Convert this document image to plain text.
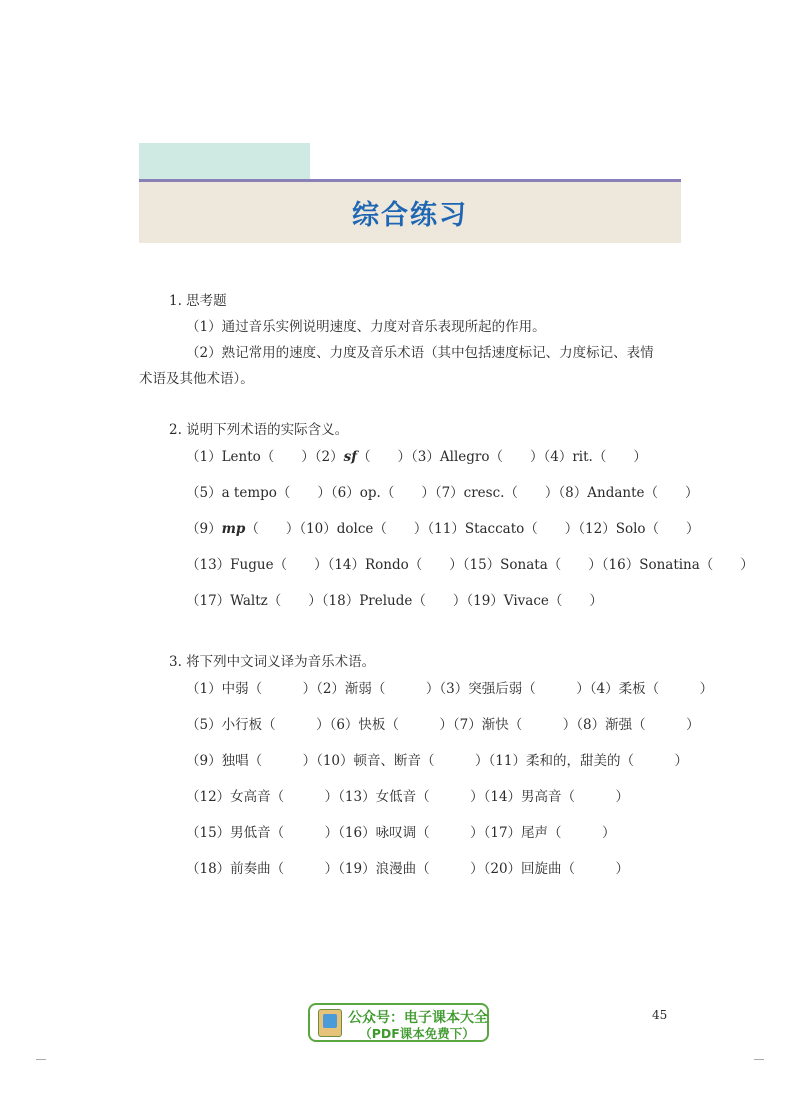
综合练习
1. 思考题
（1）通过音乐实例说明速度、力度对音乐表现所起的作用。
（2）熟记常用的速度、力度及音乐术语（其中包括速度标记、力度标记、表情
术语及其他术语）。
2. 说明下列术语的实际含义。
（1）Lento（　　）（2）sf（　　）（3）Allegro（　　）（4）rit.（　　）
（5）a tempo（　　）（6）op.（　　）（7）cresc.（　　）（8）Andante（　　）
（9）mp（　　）（10）dolce（　　）（11）Staccato（　　）（12）Solo（　　）
（13）Fugue（　　）（14）Rondo（　　）（15）Sonata（　　）（16）Sonatina（　　）
（17）Waltz（　　）（18）Prelude（　　）（19）Vivace（　　）
3. 将下列中文词义译为音乐术语。
（1）中弱（　　　）（2）渐弱（　　　）（3）突强后弱（　　　）（4）柔板（　　　）
（5）小行板（　　　）（6）快板（　　　）（7）渐快（　　　）（8）渐强（　　　）
（9）独唱（　　　）（10）顿音、断音（　　　）（11）柔和的，甜美的（　　　）
（12）女高音（　　　）（13）女低音（　　　）（14）男高音（　　　）
（15）男低音（　　　）（16）咏叹调（　　　）（17）尾声（　　　）
（18）前奏曲（　　　）（19）浪漫曲（　　　）（20）回旋曲（　　　）
公众号：电子课本大全
（PDF课本免费下）
45
